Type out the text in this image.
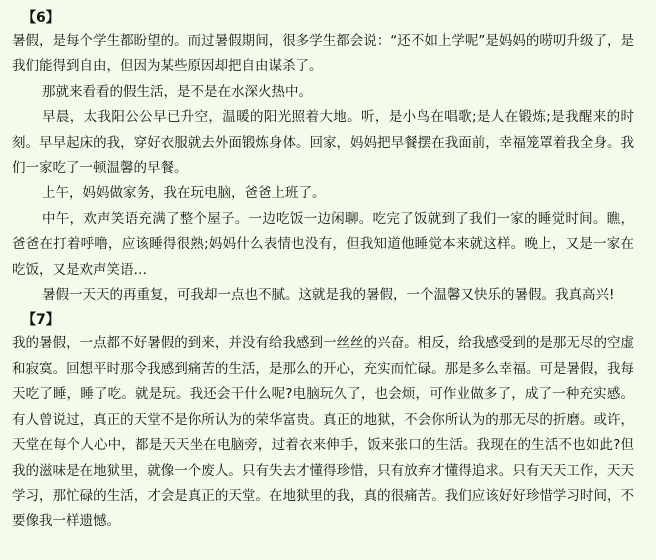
【6】

暑假，是每个学生都盼望的。而过暑假期间，很多学生都会说：“还不如上学呢”是妈妈的唠叨升级了，是我们能得到自由，但因为某些原因却把自由谋杀了。

那就来看看的假生活，是不是在水深火热中。

早晨，太我阳公公早已升空，温暖的阳光照着大地。听，是小鸟在唱歌;是人在锻炼;是我醒来的时刻。早早起床的我，穿好衣服就去外面锻炼身体。回家，妈妈把早餐摆在我面前，幸福笼罩着我全身。我们一家吃了一顿温馨的早餐。

上午，妈妈做家务，我在玩电脑，爸爸上班了。

中午，欢声笑语充满了整个屋子。一边吃饭一边闲聊。吃完了饭就到了我们一家的睡觉时间。瞧，爸爸在打着呼噜，应该睡得很熟;妈妈什么表情也没有，但我知道他睡觉本来就这样。晚上，又是一家在吃饭，又是欢声笑语…

暑假一天天的再重复，可我却一点也不腻。这就是我的暑假，一个温馨又快乐的暑假。我真高兴!

【7】

我的暑假，一点都不好暑假的到来，并没有给我感到一丝丝的兴奋。相反，给我感受到的是那无尽的空虚和寂寞。回想平时那令我感到痛苦的生活，是那么的开心，充实而忙碌。那是多么幸福。可是暑假，我每天吃了睡，睡了吃。就是玩。我还会干什么呢?电脑玩久了，也会烦，可作业做多了，成了一种充实感。有人曾说过，真正的天堂不是你所认为的荣华富贵。真正的地狱，不会你所认为的那无尽的折磨。或许，天堂在每个人心中，都是天天坐在电脑旁，过着衣来伸手，饭来张口的生活。我现在的生活不也如此?但我的滋味是在地狱里，就像一个废人。只有失去才懂得珍惜，只有放弃才懂得追求。只有天天工作，天天学习，那忙碌的生活，才会是真正的天堂。在地狱里的我，真的很痛苦。我们应该好好珍惜学习时间，不要像我一样遗憾。
